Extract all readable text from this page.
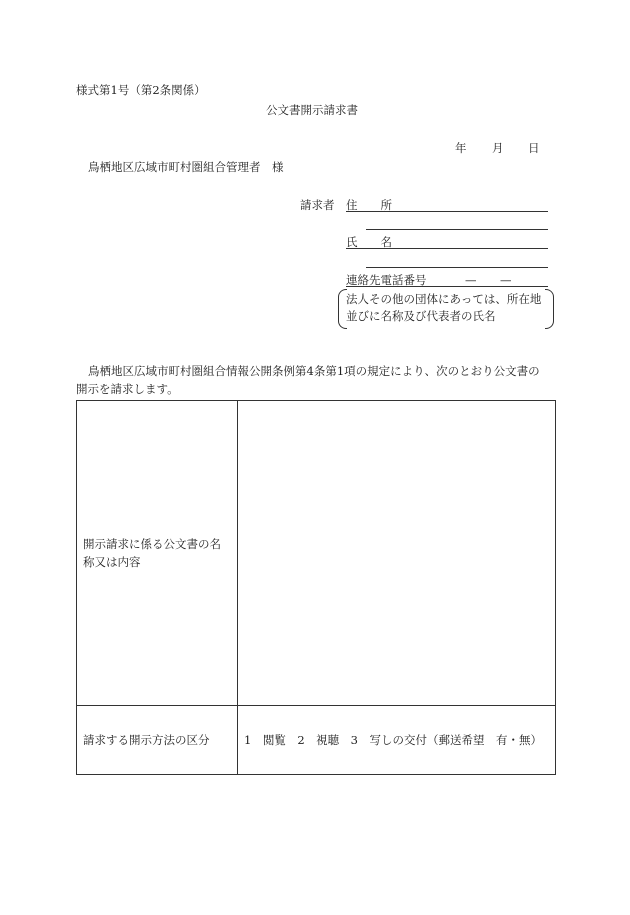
様式第1号（第2条関係）
公文書開示請求書
年 月 日
鳥栖地区広域市町村圏組合管理者　様
請求者 住　　所
氏　　名
連絡先電話番号	— —
法人その他の団体にあっては、所在地
並びに名称及び代表者の氏名
鳥栖地区広域市町村圏組合情報公開条例第4条第1項の規定により、次のとおり公文書の
開示を請求します。
開示請求に係る公文書の名
称又は内容	

請求する開示方法の区分	1　閲覧　2　視聴　3　写しの交付（郵送希望　有・無）
